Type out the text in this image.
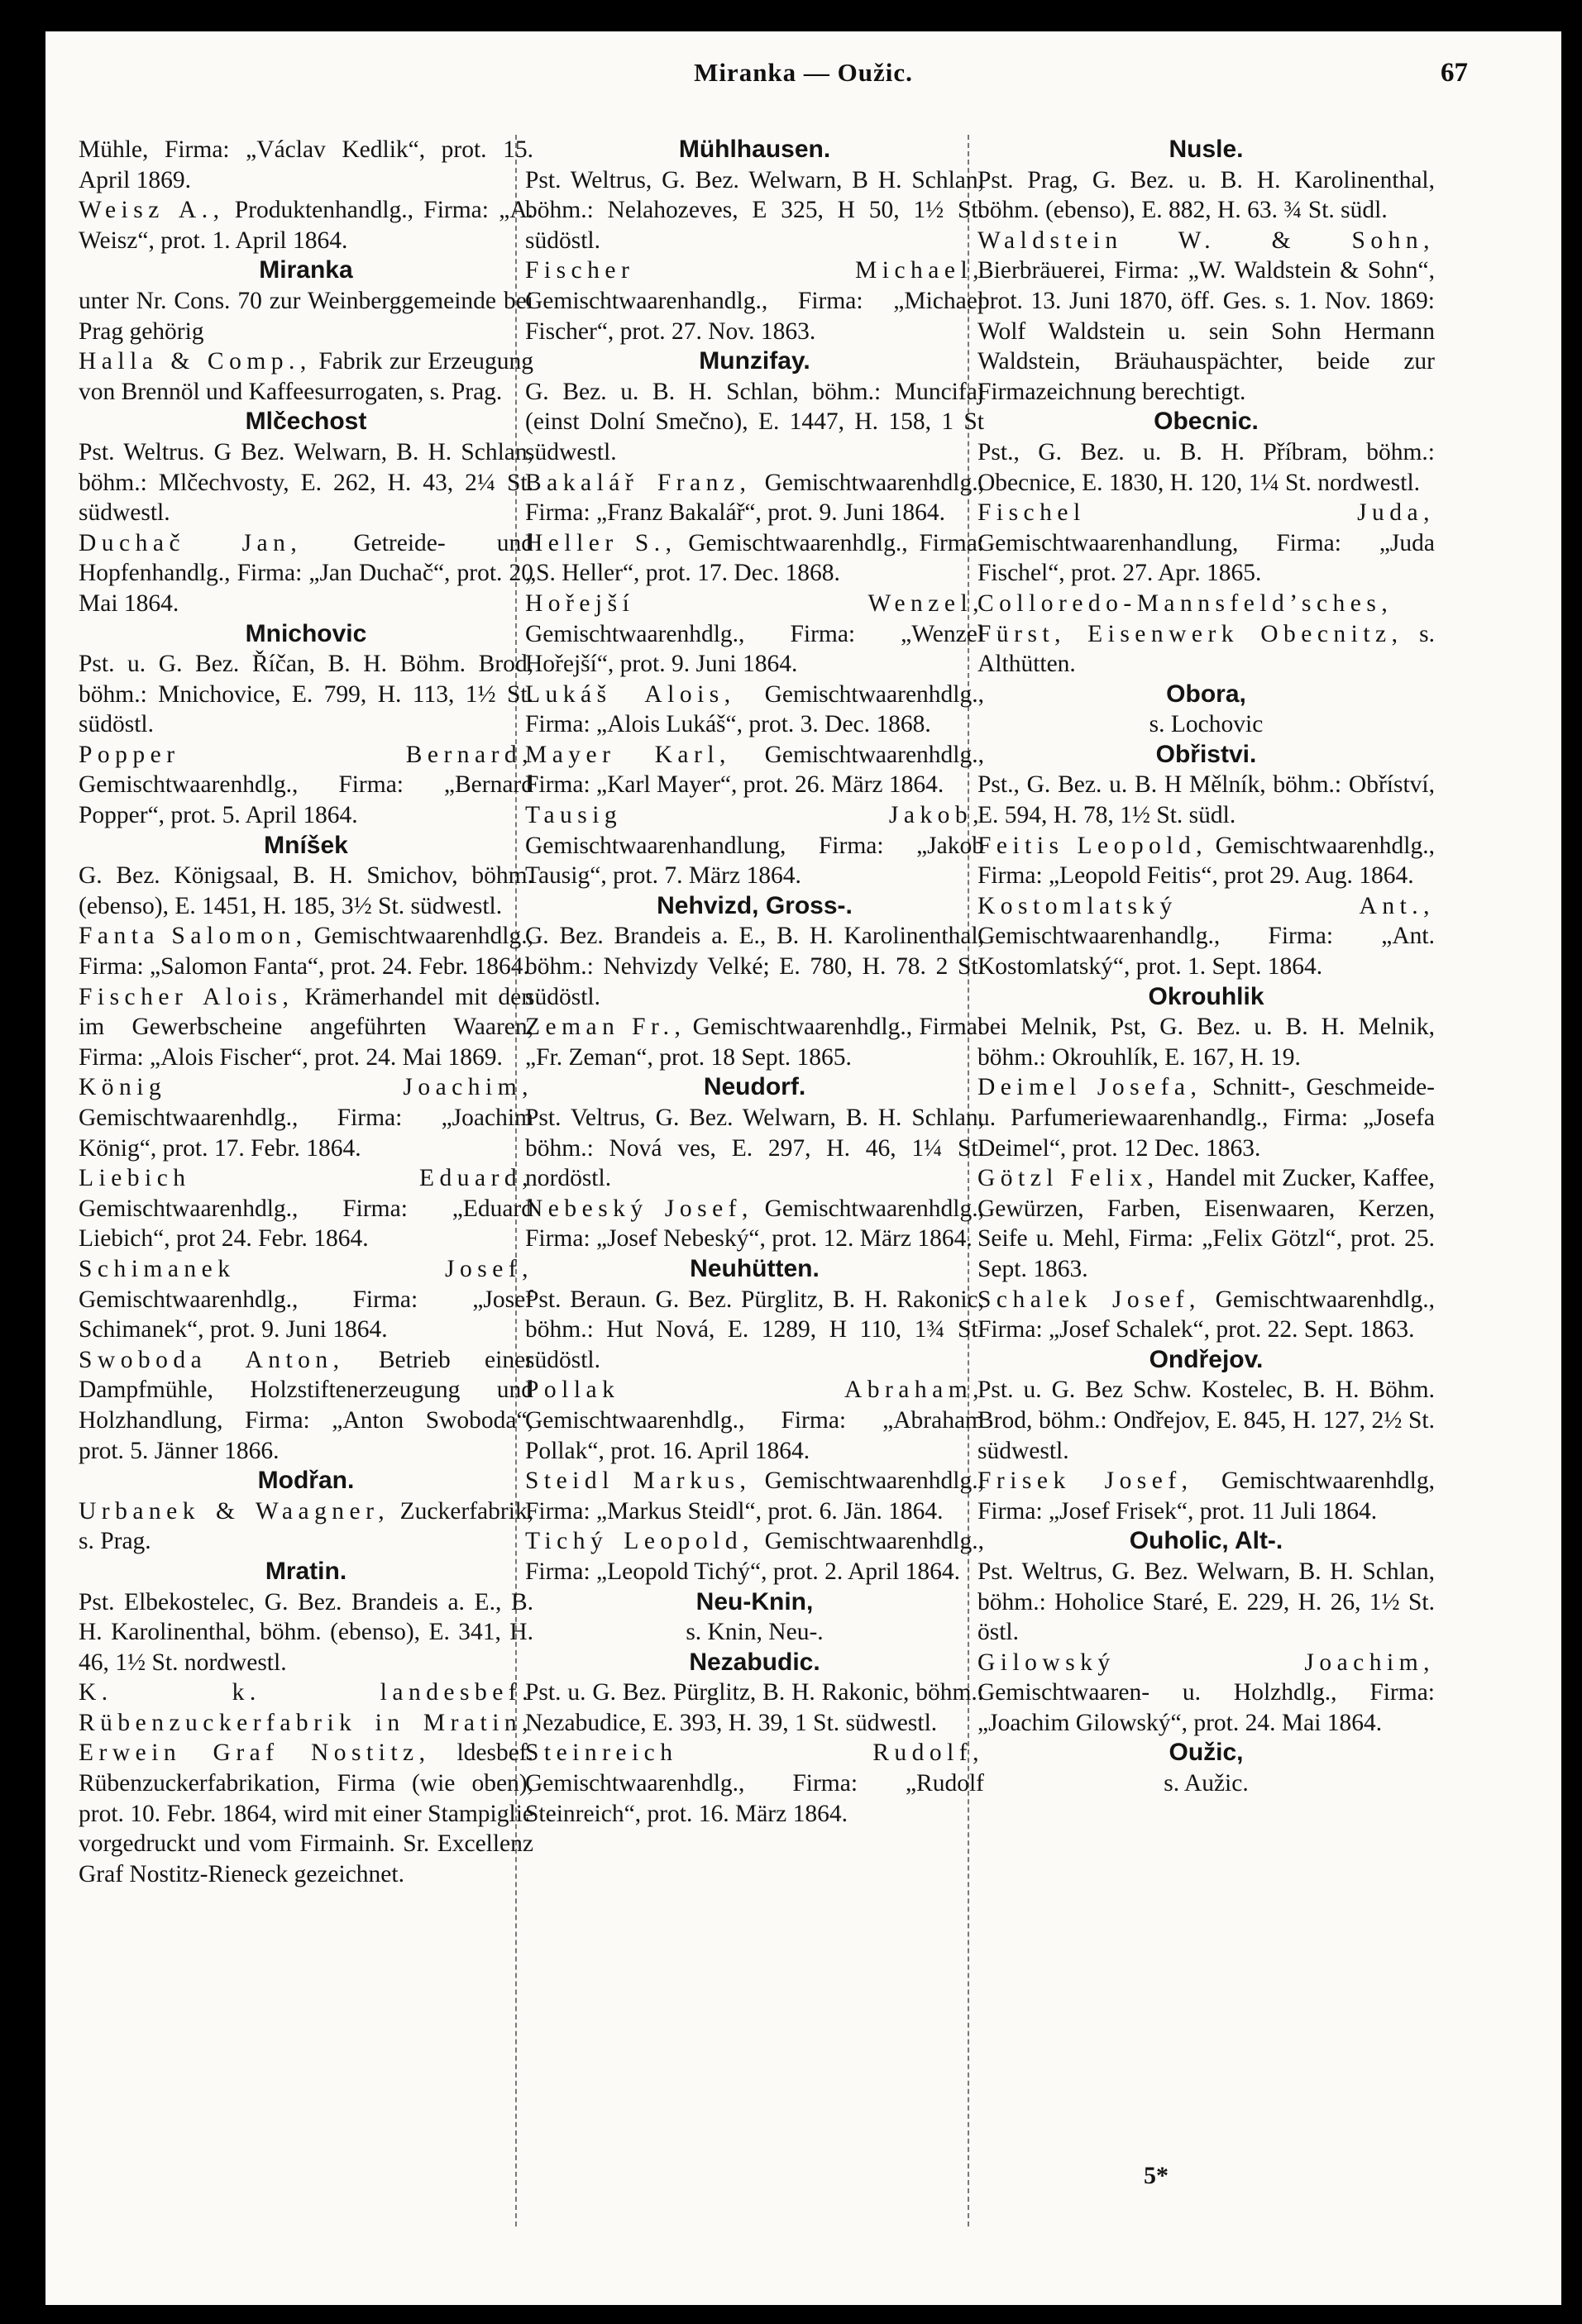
Miranka — Oužic.	67
Mühle, Firma: „Václav Kedlik“, prot. 15. April 1869.
Weisz A., Produktenhandlg., Firma: „A. Weisz“, prot. 1. April 1864.
Miranka
unter Nr. Cons. 70 zur Weinberggemeinde bei Prag gehörig
Halla & Comp., Fabrik zur Erzeugung von Brennöl und Kaffeesurrogaten, s. Prag.
Mlčechost
Pst. Weltrus. G Bez. Welwarn, B. H. Schlan, böhm.: Mlčechvosty, E. 262, H. 43, 2¼ St. südwestl.
Duchač Jan, Getreide- und Hopfenhandlg., Firma: „Jan Duchač“, prot. 20 Mai 1864.
Mnichovic
Pst. u. G. Bez. Říčan, B. H. Böhm. Brod, böhm.: Mnichovice, E. 799, H. 113, 1½ St. südöstl.
Popper Bernard, Gemischtwaarenhdlg., Firma: „Bernard Popper“, prot. 5. April 1864.
Mníšek
G. Bez. Königsaal, B. H. Smichov, böhm. (ebenso), E. 1451, H. 185, 3½ St. südwestl.
Fanta Salomon, Gemischtwaarenhdlg., Firma: „Salomon Fanta“, prot. 24. Febr. 1864.
Fischer Alois, Krämerhandel mit den im Gewerbscheine angeführten Waaren, Firma: „Alois Fischer“, prot. 24. Mai 1869.
König Joachim, Gemischtwaarenhdlg., Firma: „Joachim König“, prot. 17. Febr. 1864.
Liebich Eduard, Gemischtwaarenhdlg., Firma: „Eduard Liebich“, prot 24. Febr. 1864.
Schimanek Josef, Gemischtwaarenhdlg., Firma: „Josef Schimanek“, prot. 9. Juni 1864.
Swoboda Anton, Betrieb einer Dampfmühle, Holzstiftenerzeugung und Holzhandlung, Firma: „Anton Swoboda“, prot. 5. Jänner 1866.
Modřan.
Urbanek & Waagner, Zuckerfabrik, s. Prag.
Mratin.
Pst. Elbekostelec, G. Bez. Brandeis a. E., B. H. Karolinenthal, böhm. (ebenso), E. 341, H. 46, 1½ St. nordwestl.
K. k. landesbef. Rübenzuckerfabrik in Mratin, Erwein Graf Nostitz, ldesbef. Rübenzuckerfabrikation, Firma (wie oben), prot. 10. Febr. 1864, wird mit einer Stampiglie vorgedruckt und vom Firmainh. Sr. Excellenz Graf Nostitz-Rieneck gezeichnet.
Mühlhausen.
Pst. Weltrus, G. Bez. Welwarn, B H. Schlan, böhm.: Nelahozeves, E 325, H 50, 1½ St. südöstl.
Fischer Michael, Gemischtwaarenhandlg., Firma: „Michael Fischer“, prot. 27. Nov. 1863.
Munzifay.
G. Bez. u. B. H. Schlan, böhm.: Muncifaj (einst Dolní Smečno), E. 1447, H. 158, 1 St südwestl.
Bakalář Franz, Gemischtwaarenhdlg., Firma: „Franz Bakalář“, prot. 9. Juni 1864.
Heller S., Gemischtwaarenhdlg., Firma: „S. Heller“, prot. 17. Dec. 1868.
Hořejší Wenzel, Gemischtwaarenhdlg., Firma: „Wenzel Hořejší“, prot. 9. Juni 1864.
Lukáš Alois, Gemischtwaarenhdlg., Firma: „Alois Lukáš“, prot. 3. Dec. 1868.
Mayer Karl, Gemischtwaarenhdlg., Firma: „Karl Mayer“, prot. 26. März 1864.
Tausig Jakob, Gemischtwaarenhandlung, Firma: „Jakob Tausig“, prot. 7. März 1864.
Nehvizd, Gross-.
G. Bez. Brandeis a. E., B. H. Karolinenthal, böhm.: Nehvizdy Velké; E. 780, H. 78. 2 St. südöstl.
Zeman Fr., Gemischtwaarenhdlg., Firma: „Fr. Zeman“, prot. 18 Sept. 1865.
Neudorf.
Pst. Veltrus, G. Bez. Welwarn, B. H. Schlan, böhm.: Nová ves, E. 297, H. 46, 1¼ St. nordöstl.
Nebeský Josef, Gemischtwaarenhdlg., Firma: „Josef Nebeský“, prot. 12. März 1864.
Neuhütten.
Pst. Beraun. G. Bez. Pürglitz, B. H. Rakonic, böhm.: Hut Nová, E. 1289, H 110, 1¾ St. südöstl.
Pollak Abraham, Gemischtwaarenhdlg., Firma: „Abraham Pollak“, prot. 16. April 1864.
Steidl Markus, Gemischtwaarenhdlg., Firma: „Markus Steidl“, prot. 6. Jän. 1864.
Tichý Leopold, Gemischtwaarenhdlg., Firma: „Leopold Tichý“, prot. 2. April 1864.
Neu-Knin,
s. Knin, Neu-.
Nezabudic.
Pst. u. G. Bez. Pürglitz, B. H. Rakonic, böhm.: Nezabudice, E. 393, H. 39, 1 St. südwestl.
Steinreich Rudolf, Gemischtwaarenhdlg., Firma: „Rudolf Steinreich“, prot. 16. März 1864.
Nusle.
Pst. Prag, G. Bez. u. B. H. Karolinenthal, böhm. (ebenso), E. 882, H. 63. ¾ St. südl.
Waldstein W. & Sohn, Bierbräuerei, Firma: „W. Waldstein & Sohn“, prot. 13. Juni 1870, öff. Ges. s. 1. Nov. 1869: Wolf Waldstein u. sein Sohn Hermann Waldstein, Bräuhauspächter, beide zur Firmazeichnung berechtigt.
Obecnic.
Pst., G. Bez. u. B. H. Příbram, böhm.: Obecnice, E. 1830, H. 120, 1¼ St. nordwestl.
Fischel Juda, Gemischtwaarenhandlung, Firma: „Juda Fischel“, prot. 27. Apr. 1865.
Colloredo-Mannsfeld’sches, Fürst, Eisenwerk Obecnitz, s. Althütten.
Obora,
s. Lochovic
Obřistvi.
Pst., G. Bez. u. B. H Mělník, böhm.: Obříství, E. 594, H. 78, 1½ St. südl.
Feitis Leopold, Gemischtwaarenhdlg., Firma: „Leopold Feitis“, prot 29. Aug. 1864.
Kostomlatský Ant., Gemischtwaarenhandlg., Firma: „Ant. Kostomlatský“, prot. 1. Sept. 1864.
Okrouhlik
bei Melnik, Pst, G. Bez. u. B. H. Melnik, böhm.: Okrouhlík, E. 167, H. 19.
Deimel Josefa, Schnitt-, Geschmeide- u. Parfumeriewaarenhandlg., Firma: „Josefa Deimel“, prot. 12 Dec. 1863.
Götzl Felix, Handel mit Zucker, Kaffee, Gewürzen, Farben, Eisenwaaren, Kerzen, Seife u. Mehl, Firma: „Felix Götzl“, prot. 25. Sept. 1863.
Schalek Josef, Gemischtwaarenhdlg., Firma: „Josef Schalek“, prot. 22. Sept. 1863.
Ondřejov.
Pst. u. G. Bez Schw. Kostelec, B. H. Böhm. Brod, böhm.: Ondřejov, E. 845, H. 127, 2½ St. südwestl.
Frisek Josef, Gemischtwaarenhdlg, Firma: „Josef Frisek“, prot. 11 Juli 1864.
Ouholic, Alt-.
Pst. Weltrus, G. Bez. Welwarn, B. H. Schlan, böhm.: Hoholice Staré, E. 229, H. 26, 1½ St. östl.
Gilowský Joachim, Gemischtwaaren- u. Holzhdlg., Firma: „Joachim Gilowský“, prot. 24. Mai 1864.
Oužic,
s. Aužic.
5*
